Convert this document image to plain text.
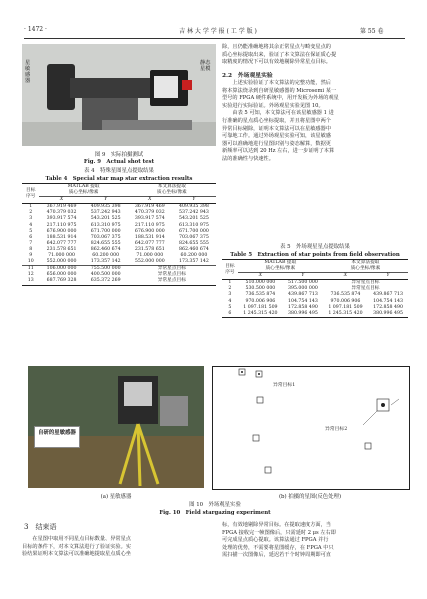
· 1472 ·	吉 林 大 学 学 报 ( 工 学 版 )	第 55 卷
星敏感器
静态星模
图 9　实际拍摄测试
Fig. 9　Actual shot test
表 4　特殊星图星点提取结果
Table 4　Special star map star extraction results
目标
序号	MATLAB 提取		本文算法提取	
	质心坐标/像素		质心坐标/像素	
	X	Y	X	Y
1	367.919 469	409.935 398	367.919 469	409.935 398
2	470.379 032	537.242 943	470.379 032	537.242 943
3	393.917 574	543.201 525	393.917 574	543.201 525
4	217.110 975	613.310 975	217.110 975	613.310 975
5	676.900 000	671.700 000	676.900 000	671.700 000
6	188.531 914	703.067 375	188.531 914	703.067 375
7	642.077 777	824.655 555	642.077 777	824.655 555
8	231.578 651	862.460 674	231.578 651	862.460 674
9	71.000 000	60.200 000	71.000 000	60.200 000
10	552.000 000	173.357 142	552.000 000	173.357 142
11	106.000 000	755.500 000	异常星点目标	
12	656.000 000	400.500 000	异常星点目标	
13	687.769 328	635.372 269	异常星点目标	
除，且仍能准确地将其余正常星点与畸变星点的
质心坐标提取出来，验证了本文算法在保证质心提
取精度的情况下可以有效地剔除异常星点目标。
2.2　外场观星实验
　　上述实验验证了本文算法的完整功能，然后
将本算法烧录到自研星敏感器的 Microsemi 某一
型号的 FPGA 硬件系统中，用开发板为外场的观星
实验进行实际验证。外场观星实验见图 10。
　　由表 5 可知，本文算法可在该星敏感器 1 进
行准确的星点质心坐标提取，并且将星图中两个
异常目标剔除，证明本文算法可以在星敏感器中
可靠地工作。通过外场观星实验可知，该星敏感
器可以准确地进行星图识别与姿态解算，数据更
新频率可以达到 20 Hz 左右，进一步证明了本算
法的准确性与快速性。
表 5　外场观星星点提取结果
Table 5　Extraction of star points from field observation
目标
序号	MATLAB 提取		本文算法提取	
	质心坐标/像素		质心坐标/像素	
	X	Y	X	Y
1	510.000 000	517.500 000	异常星点目标	
2	530.500 000	395.000 000	异常星点目标	
3	736.535 874	439.867 713	736.535 874	439.867 713
4	970.006 906	104.754 143	970.006 906	104.754 143
5	1 097.181 509	172.858 490	1 097.181 509	172.858 490
6	1 245.315 420	380.996 495	1 245.315 420	380.996 495
自研的星敏感器
(a) 星敏感器
异常目标1
异常目标2
(b) 拍摄的星图(反色处理)
图 10　外场观星实验
Fig. 10　Field stargazing experiment
3　结束语
　　在星图中取用不同星点目标数量、异常星点
目标的条件下，对本文算法进行了验证实验。实
验结果证明本文算法可以准确地提取星点质心坐
标，有效地剔除异常目标。在提取速度方面，当
FPGA 接收完一帧图像后，只需延时 2 μs 左右即
可完成星点质心提取。该算法通过 FPGA 并行
处理的优势，不需要将星图缓存，在 FPGA 中只
需扫描一次图像后，延迟若干个时钟周期即可直
